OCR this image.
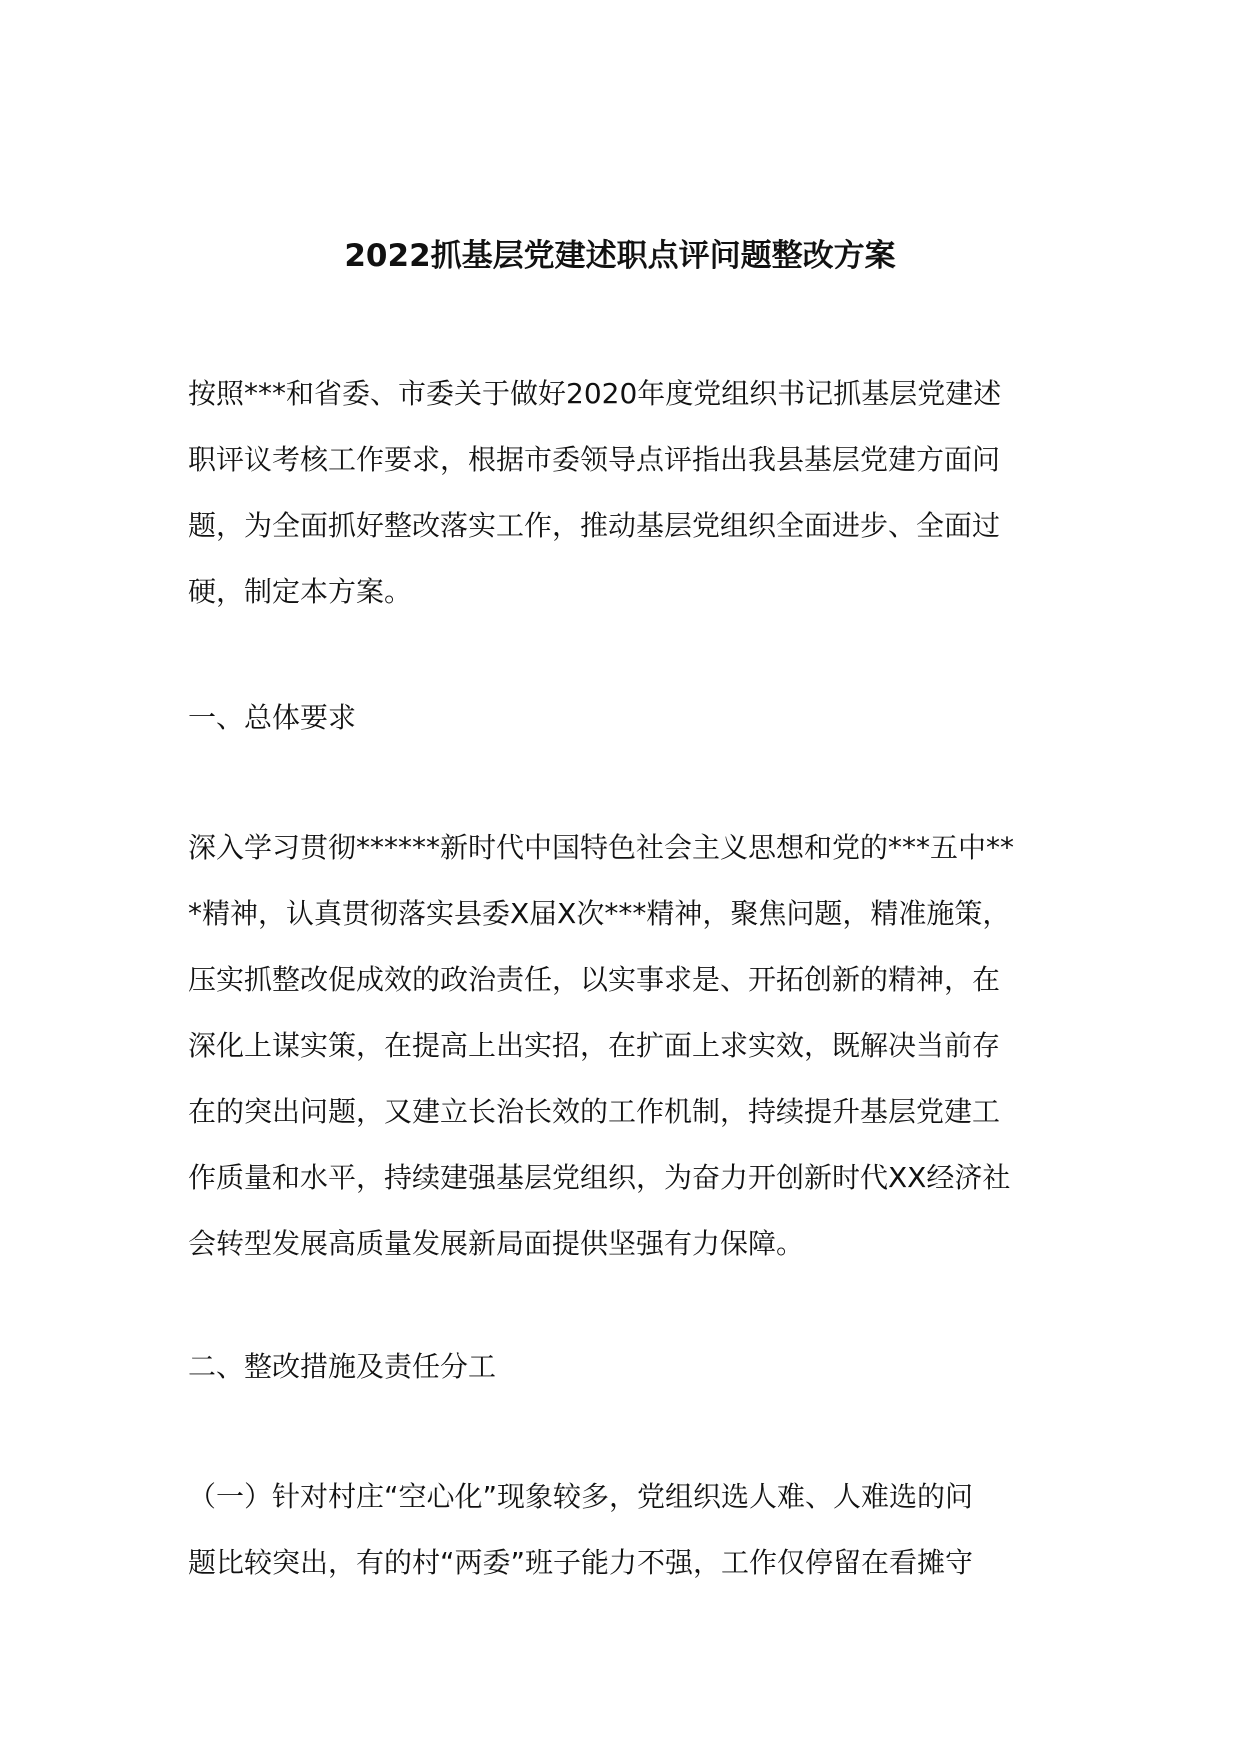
2022抓基层党建述职点评问题整改方案
按照***和省委、市委关于做好2020年度党组织书记抓基层党建述
职评议考核工作要求，根据市委领导点评指出我县基层党建方面问
题，为全面抓好整改落实工作，推动基层党组织全面进步、全面过
硬，制定本方案。
一、总体要求
深入学习贯彻******新时代中国特色社会主义思想和党的***五中**
*精神，认真贯彻落实县委X届X次***精神，聚焦问题，精准施策，
压实抓整改促成效的政治责任，以实事求是、开拓创新的精神，在
深化上谋实策，在提高上出实招，在扩面上求实效，既解决当前存
在的突出问题，又建立长治长效的工作机制，持续提升基层党建工
作质量和水平，持续建强基层党组织，为奋力开创新时代XX经济社
会转型发展高质量发展新局面提供坚强有力保障。
二、整改措施及责任分工
（一）针对村庄“空心化”现象较多，党组织选人难、人难选的问
题比较突出，有的村“两委”班子能力不强，工作仅停留在看摊守
